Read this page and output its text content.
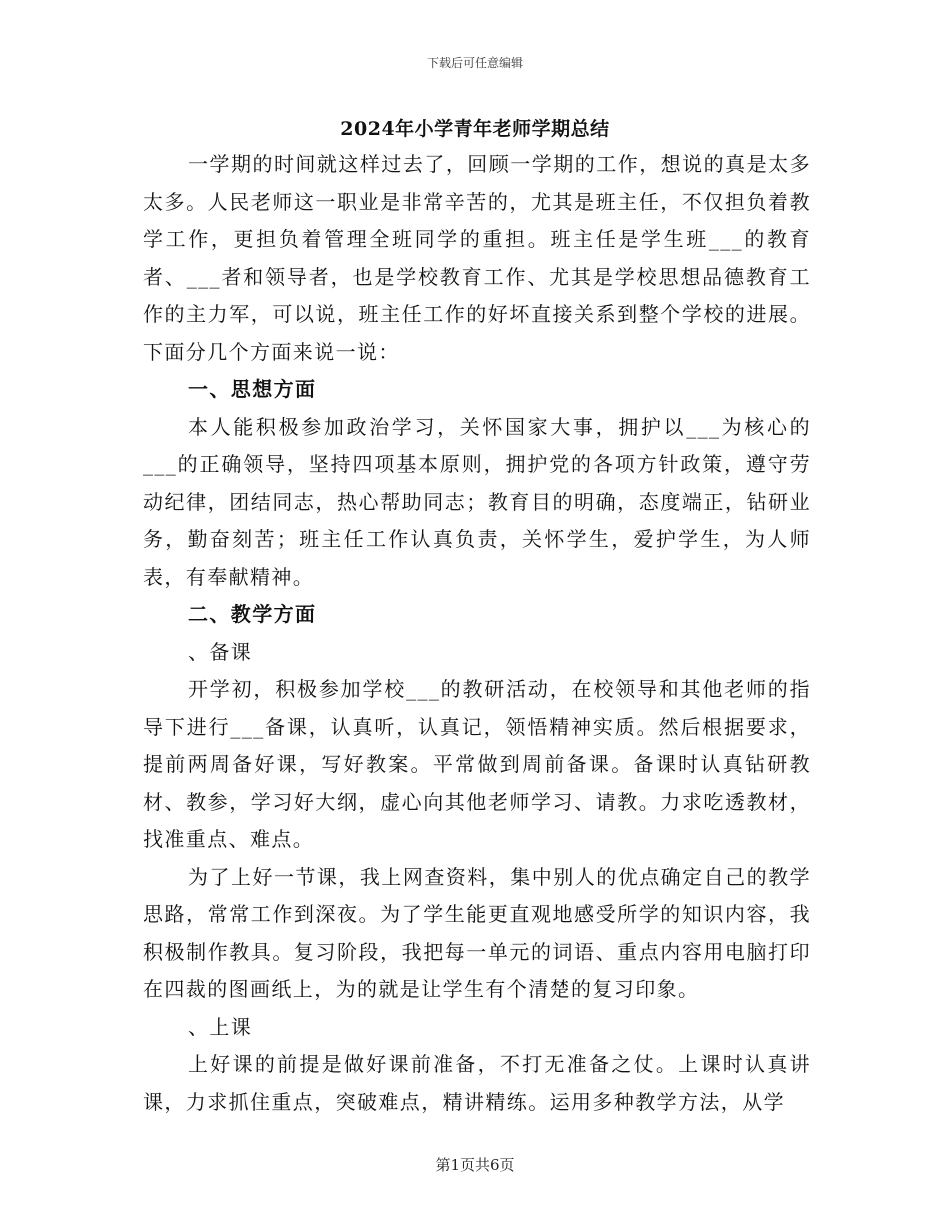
下载后可任意编辑
2024年小学青年老师学期总结

一学期的时间就这样过去了，回顾一学期的工作，想说的真是太多太多。人民老师这一职业是非常辛苦的，尤其是班主任，不仅担负着教学工作，更担负着管理全班同学的重担。班主任是学生班___的教育者、___者和领导者，也是学校教育工作、尤其是学校思想品德教育工作的主力军，可以说，班主任工作的好坏直接关系到整个学校的进展。下面分几个方面来说一说：

一、思想方面

本人能积极参加政治学习，关怀国家大事，拥护以___为核心的___的正确领导，坚持四项基本原则，拥护党的各项方针政策，遵守劳动纪律，团结同志，热心帮助同志；教育目的明确，态度端正，钻研业务，勤奋刻苦；班主任工作认真负责，关怀学生，爱护学生，为人师表，有奉献精神。

二、教学方面

、备课

开学初，积极参加学校___的教研活动，在校领导和其他老师的指导下进行___备课，认真听，认真记，领悟精神实质。然后根据要求，提前两周备好课，写好教案。平常做到周前备课。备课时认真钻研教材、教参，学习好大纲，虚心向其他老师学习、请教。力求吃透教材，找准重点、难点。

为了上好一节课，我上网查资料，集中别人的优点确定自己的教学思路，常常工作到深夜。为了学生能更直观地感受所学的知识内容，我积极制作教具。复习阶段，我把每一单元的词语、重点内容用电脑打印在四裁的图画纸上，为的就是让学生有个清楚的复习印象。

、上课

上好课的前提是做好课前准备，不打无准备之仗。上课时认真讲课，力求抓住重点，突破难点，精讲精练。运用多种教学方法，从学

第1页共6页
